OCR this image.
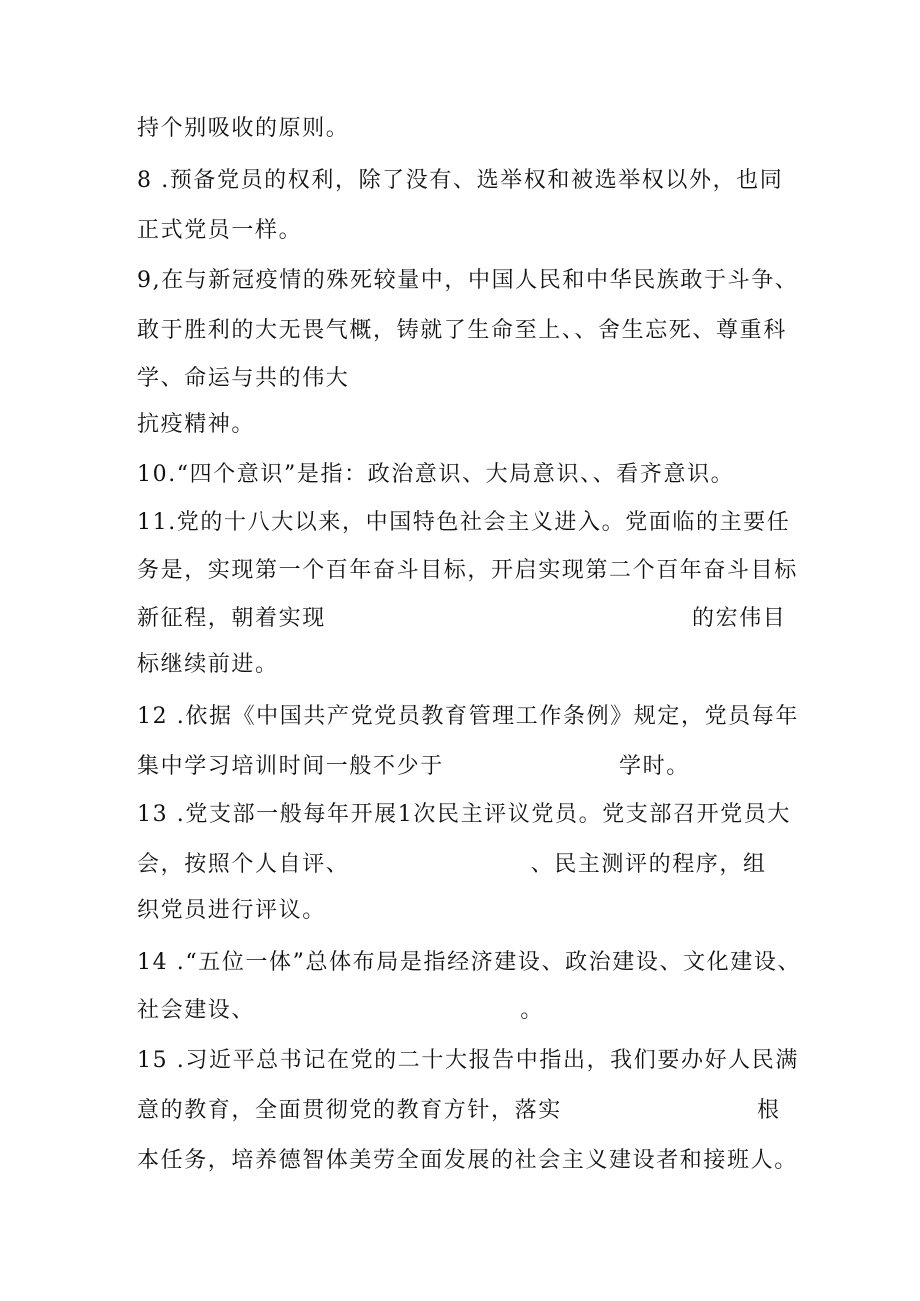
持个别吸收的原则。
8 .预备党员的权利，除了没有、选举权和被选举权以外，也同
正式党员一样。
9,在与新冠疫情的殊死较量中，中国人民和中华民族敢于斗争、
敢于胜利的大无畏气概，铸就了生命至上、、舍生忘死、尊重科
学、命运与共的伟大
抗疫精神。
10.“四个意识”是指：政治意识、大局意识、、看齐意识。
11.党的十八大以来，中国特色社会主义进入。党面临的主要任
务是，实现第一个百年奋斗目标，开启实现第二个百年奋斗目标
新征程，朝着实现	的宏伟目
标继续前进。
12 .依据《中国共产党党员教育管理工作条例》规定，党员每年
集中学习培训时间一般不少于	学时。
13 .党支部一般每年开展1次民主评议党员。党支部召开党员大
会，按照个人自评、	、民主测评的程序，组
织党员进行评议。
14 .“五位一体”总体布局是指经济建设、政治建设、文化建设、
社会建设、	。
15 .习近平总书记在党的二十大报告中指出，我们要办好人民满
意的教育，全面贯彻党的教育方针，落实	根
本任务，培养德智体美劳全面发展的社会主义建设者和接班人。
